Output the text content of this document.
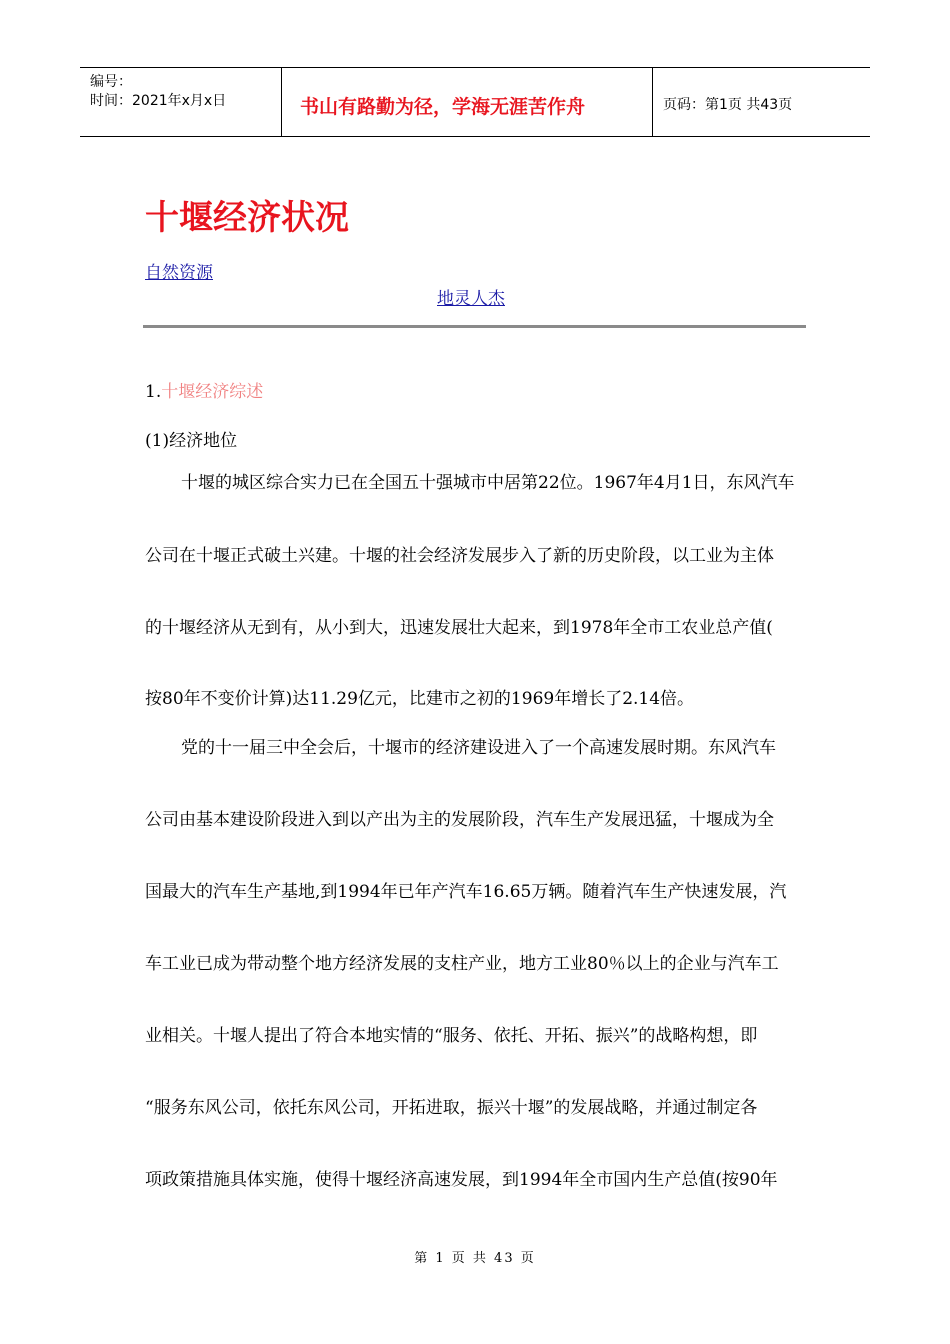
编号：
时间：2021年x月x日	书山有路勤为径，学海无涯苦作舟	页码：第1页 共43页
十堰经济状况
自然资源
地灵人杰
1.十堰经济综述
(1)经济地位
十堰的城区综合实力已在全国五十强城市中居第22位。1967年4月1日，东风汽车
公司在十堰正式破土兴建。十堰的社会经济发展步入了新的历史阶段，以工业为主体
的十堰经济从无到有，从小到大，迅速发展壮大起来，到1978年全市工农业总产值(
按80年不变价计算)达11.29亿元，比建市之初的1969年增长了2.14倍。
党的十一届三中全会后，十堰市的经济建设进入了一个高速发展时期。东风汽车
公司由基本建设阶段进入到以产出为主的发展阶段，汽车生产发展迅猛，十堰成为全
国最大的汽车生产基地,到1994年已年产汽车16.65万辆。随着汽车生产快速发展，汽
车工业已成为带动整个地方经济发展的支柱产业，地方工业80％以上的企业与汽车工
业相关。十堰人提出了符合本地实情的“服务、依托、开拓、振兴”的战略构想，即
“服务东风公司，依托东风公司，开拓进取，振兴十堰”的发展战略，并通过制定各
项政策措施具体实施，使得十堰经济高速发展，到1994年全市国内生产总值(按90年
第 1 页 共 43 页
